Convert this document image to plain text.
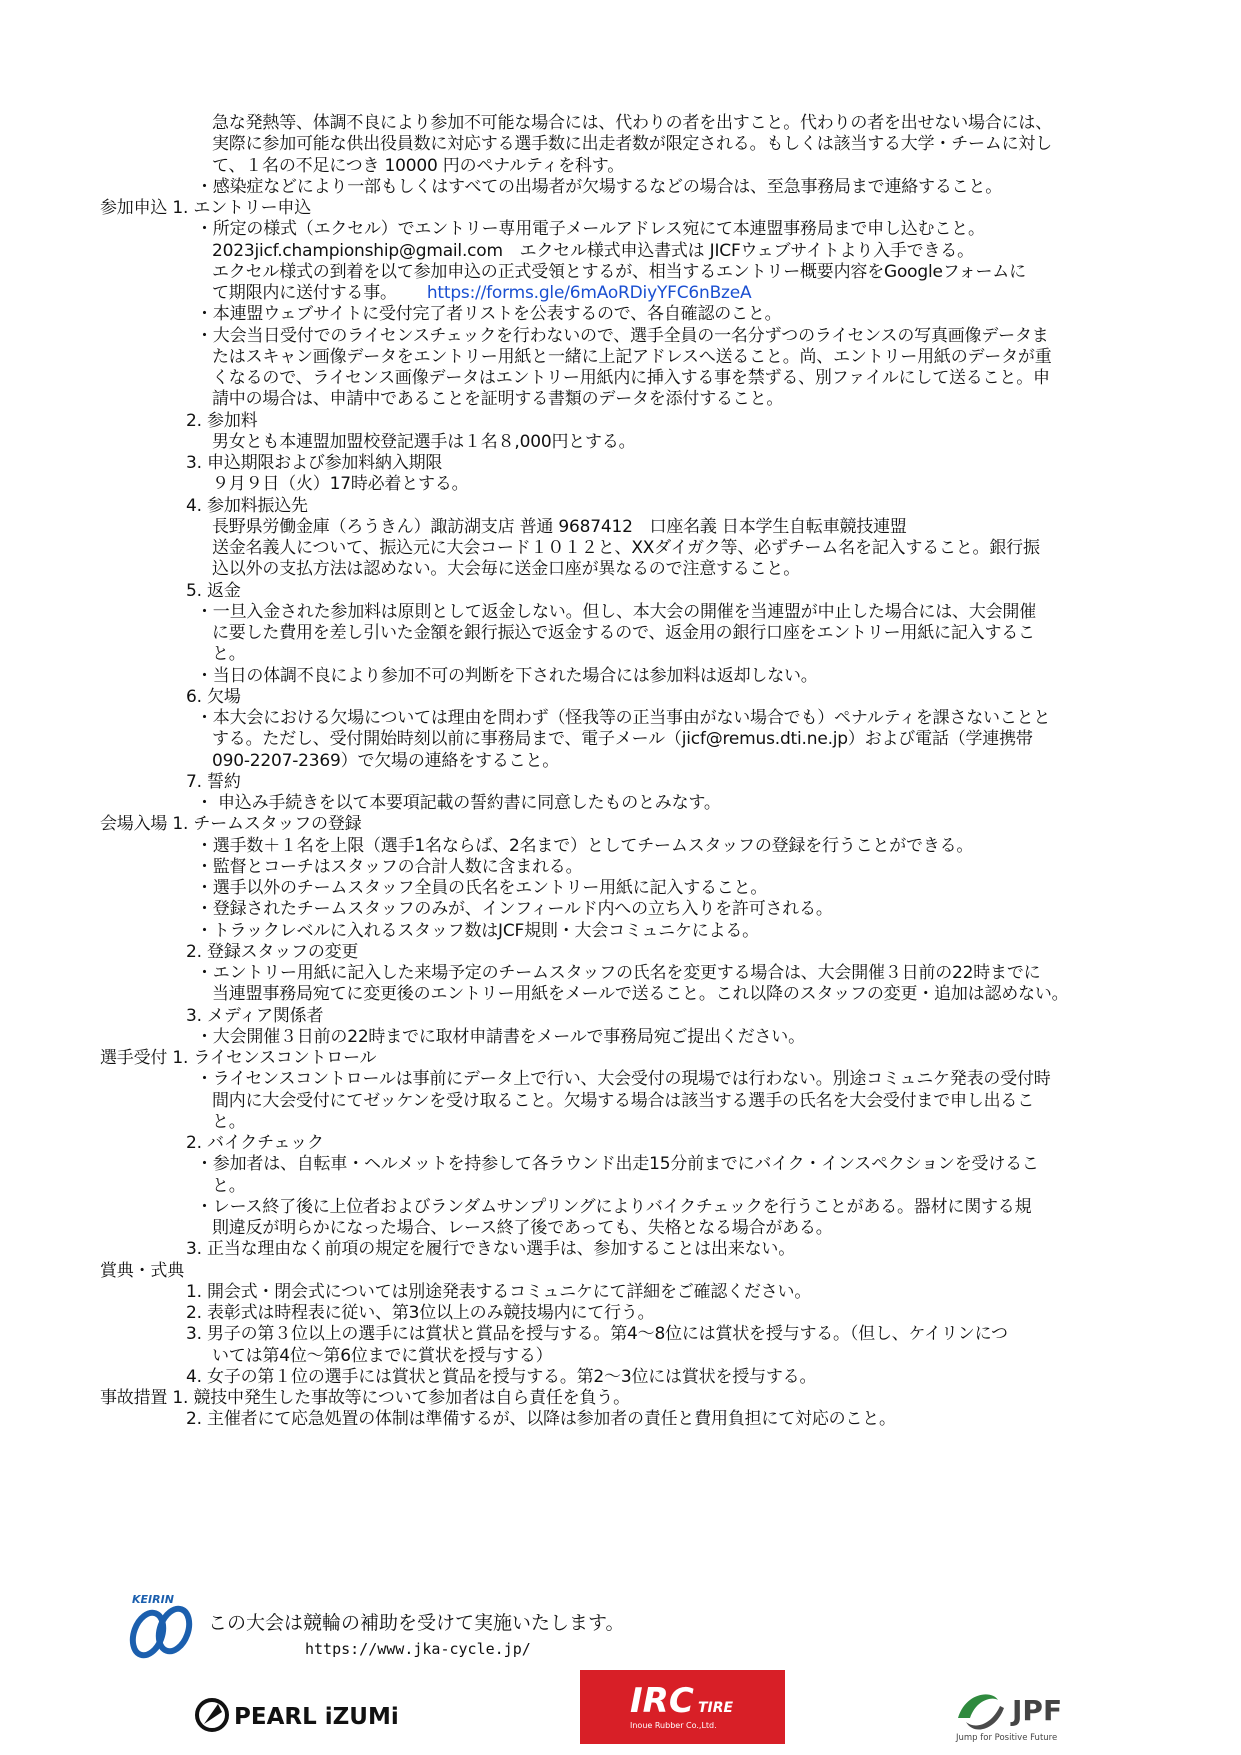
急な発熱等、体調不良により参加不可能な場合には、代わりの者を出すこと。代わりの者を出せない場合には、
実際に参加可能な供出役員数に対応する選手数に出走者数が限定される。もしくは該当する大学・チームに対し
て、１名の不足につき 10000 円のペナルティを科す。
・感染症などにより一部もしくはすべての出場者が欠場するなどの場合は、至急事務局まで連絡すること。
参加申込 1. エントリー申込
・所定の様式（エクセル）でエントリー専用電子メールアドレス宛にて本連盟事務局まで申し込むこと。
2023jicf.championship@gmail.com　エクセル様式申込書式は JICFウェブサイトより入手できる。
エクセル様式の到着を以て参加申込の正式受領とするが、相当するエントリー概要内容をGoogleフォームに
て期限内に送付する事。 https://forms.gle/6mAoRDiyYFC6nBzeA
・本連盟ウェブサイトに受付完了者リストを公表するので、各自確認のこと。
・大会当日受付でのライセンスチェックを行わないので、選手全員の一名分ずつのライセンスの写真画像データま
たはスキャン画像データをエントリー用紙と一緒に上記アドレスへ送ること。尚、エントリー用紙のデータが重
くなるので、ライセンス画像データはエントリー用紙内に挿入する事を禁ずる、別ファイルにして送ること。申
請中の場合は、申請中であることを証明する書類のデータを添付すること。
2. 参加料
男女とも本連盟加盟校登記選手は１名８,000円とする。
3. 申込期限および参加料納入期限
９月９日（火）17時必着とする。
4. 参加料振込先
長野県労働金庫（ろうきん）諏訪湖支店 普通 9687412　口座名義 日本学生自転車競技連盟
送金名義人について、振込元に大会コード１０１２と、XXダイガク等、必ずチーム名を記入すること。銀行振
込以外の支払方法は認めない。大会毎に送金口座が異なるので注意すること。
5. 返金
・一旦入金された参加料は原則として返金しない。但し、本大会の開催を当連盟が中止した場合には、大会開催
に要した費用を差し引いた金額を銀行振込で返金するので、返金用の銀行口座をエントリー用紙に記入するこ
と。
・当日の体調不良により参加不可の判断を下された場合には参加料は返却しない。
6. 欠場
・本大会における欠場については理由を問わず（怪我等の正当事由がない場合でも）ペナルティを課さないことと
する。ただし、受付開始時刻以前に事務局まで、電子メール（jicf@remus.dti.ne.jp）および電話（学連携帯
090-2207-2369）で欠場の連絡をすること。
7. 誓約
・ 申込み手続きを以て本要項記載の誓約書に同意したものとみなす。
会場入場 1. チームスタッフの登録
・選手数＋１名を上限（選手1名ならば、2名まで）としてチームスタッフの登録を行うことができる。
・監督とコーチはスタッフの合計人数に含まれる。
・選手以外のチームスタッフ全員の氏名をエントリー用紙に記入すること。
・登録されたチームスタッフのみが、インフィールド内への立ち入りを許可される。
・トラックレベルに入れるスタッフ数はJCF規則・大会コミュニケによる。
2. 登録スタッフの変更
・エントリー用紙に記入した来場予定のチームスタッフの氏名を変更する場合は、大会開催３日前の22時までに
当連盟事務局宛てに変更後のエントリー用紙をメールで送ること。これ以降のスタッフの変更・追加は認めない。
3. メディア関係者
・大会開催３日前の22時までに取材申請書をメールで事務局宛ご提出ください。
選手受付 1. ライセンスコントロール
・ライセンスコントロールは事前にデータ上で行い、大会受付の現場では行わない。別途コミュニケ発表の受付時
間内に大会受付にてゼッケンを受け取ること。欠場する場合は該当する選手の氏名を大会受付まで申し出るこ
と。
2. バイクチェック
・参加者は、自転車・ヘルメットを持参して各ラウンド出走15分前までにバイク・インスペクションを受けるこ
と。
・レース終了後に上位者およびランダムサンプリングによりバイクチェックを行うことがある。器材に関する規
則違反が明らかになった場合、レース終了後であっても、失格となる場合がある。
3. 正当な理由なく前項の規定を履行できない選手は、参加することは出来ない。
賞典・式典
1. 開会式・閉会式については別途発表するコミュニケにて詳細をご確認ください。
2. 表彰式は時程表に従い、第3位以上のみ競技場内にて行う。
3. 男子の第３位以上の選手には賞状と賞品を授与する。第4～8位には賞状を授与する。（但し、ケイリンにつ
いては第4位～第6位までに賞状を授与する）
4. 女子の第１位の選手には賞状と賞品を授与する。第2～3位には賞状を授与する。
事故措置 1. 競技中発生した事故等について参加者は自ら責任を負う。
2. 主催者にて応急処置の体制は準備するが、以降は参加者の責任と費用負担にて対応のこと。
KEIRIN
この大会は競輪の補助を受けて実施いたします。
https://www.jka-cycle.jp/
PEARL iZUMi	IRC TIRE
Inoue Rubber Co.,Ltd.	JPF
Jump for Positive Future
